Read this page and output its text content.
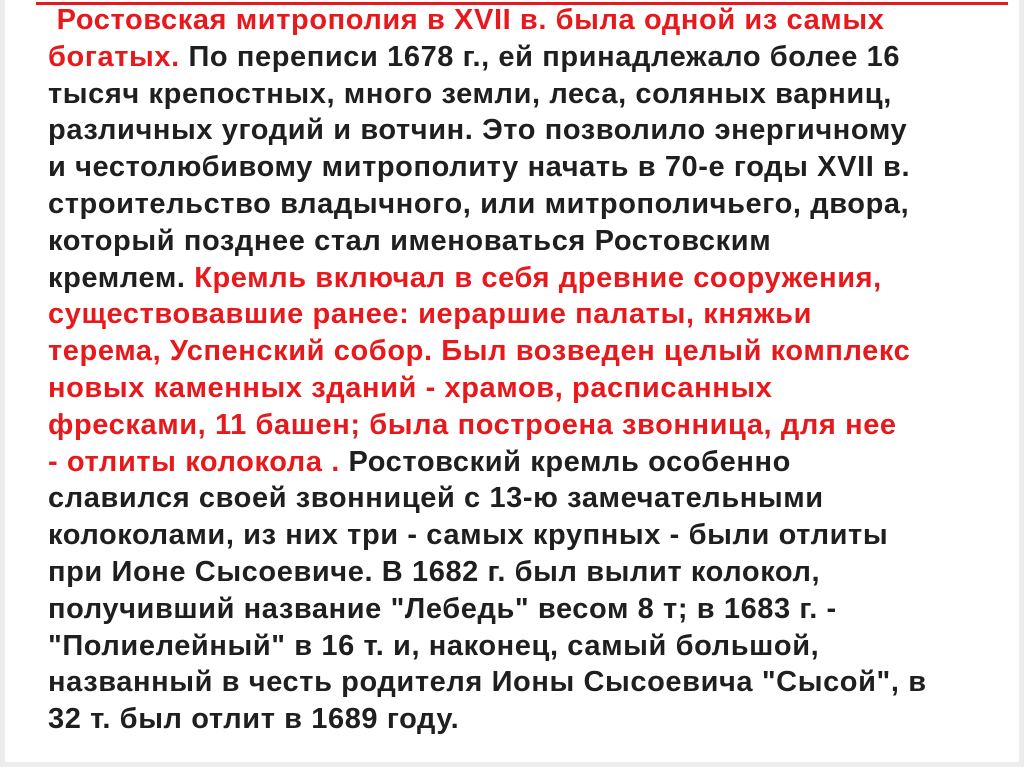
Ростовская митрополия в XVII в. была одной из самых
богатых. По переписи 1678 г., ей принадлежало более 16
тысяч крепостных, много земли, леса, соляных варниц,
различных угодий и вотчин. Это позволило энергичному
и честолюбивому митрополиту начать в 70-е годы XVII в.
строительство владычного, или митрополичьего, двора,
который позднее стал именоваться Ростовским
кремлем. Кремль включал в себя древние сооружения,
существовавшие ранее: иераршие палаты, княжьи
терема, Успенский собор. Был возведен целый комплекс
новых каменных зданий - храмов, расписанных
фресками, 11 башен; была построена звонница, для нее
- отлиты колокола . Ростовский кремль особенно
славился своей звонницей с 13-ю замечательными
колоколами, из них три - самых крупных - были отлиты
при Ионе Сысоевиче. В 1682 г. был вылит колокол,
получивший название "Лебедь" весом 8 т; в 1683 г. -
"Полиелейный" в 16 т. и, наконец, самый большой,
названный в честь родителя Ионы Сысоевича "Сысой", в
32 т. был отлит в 1689 году.
